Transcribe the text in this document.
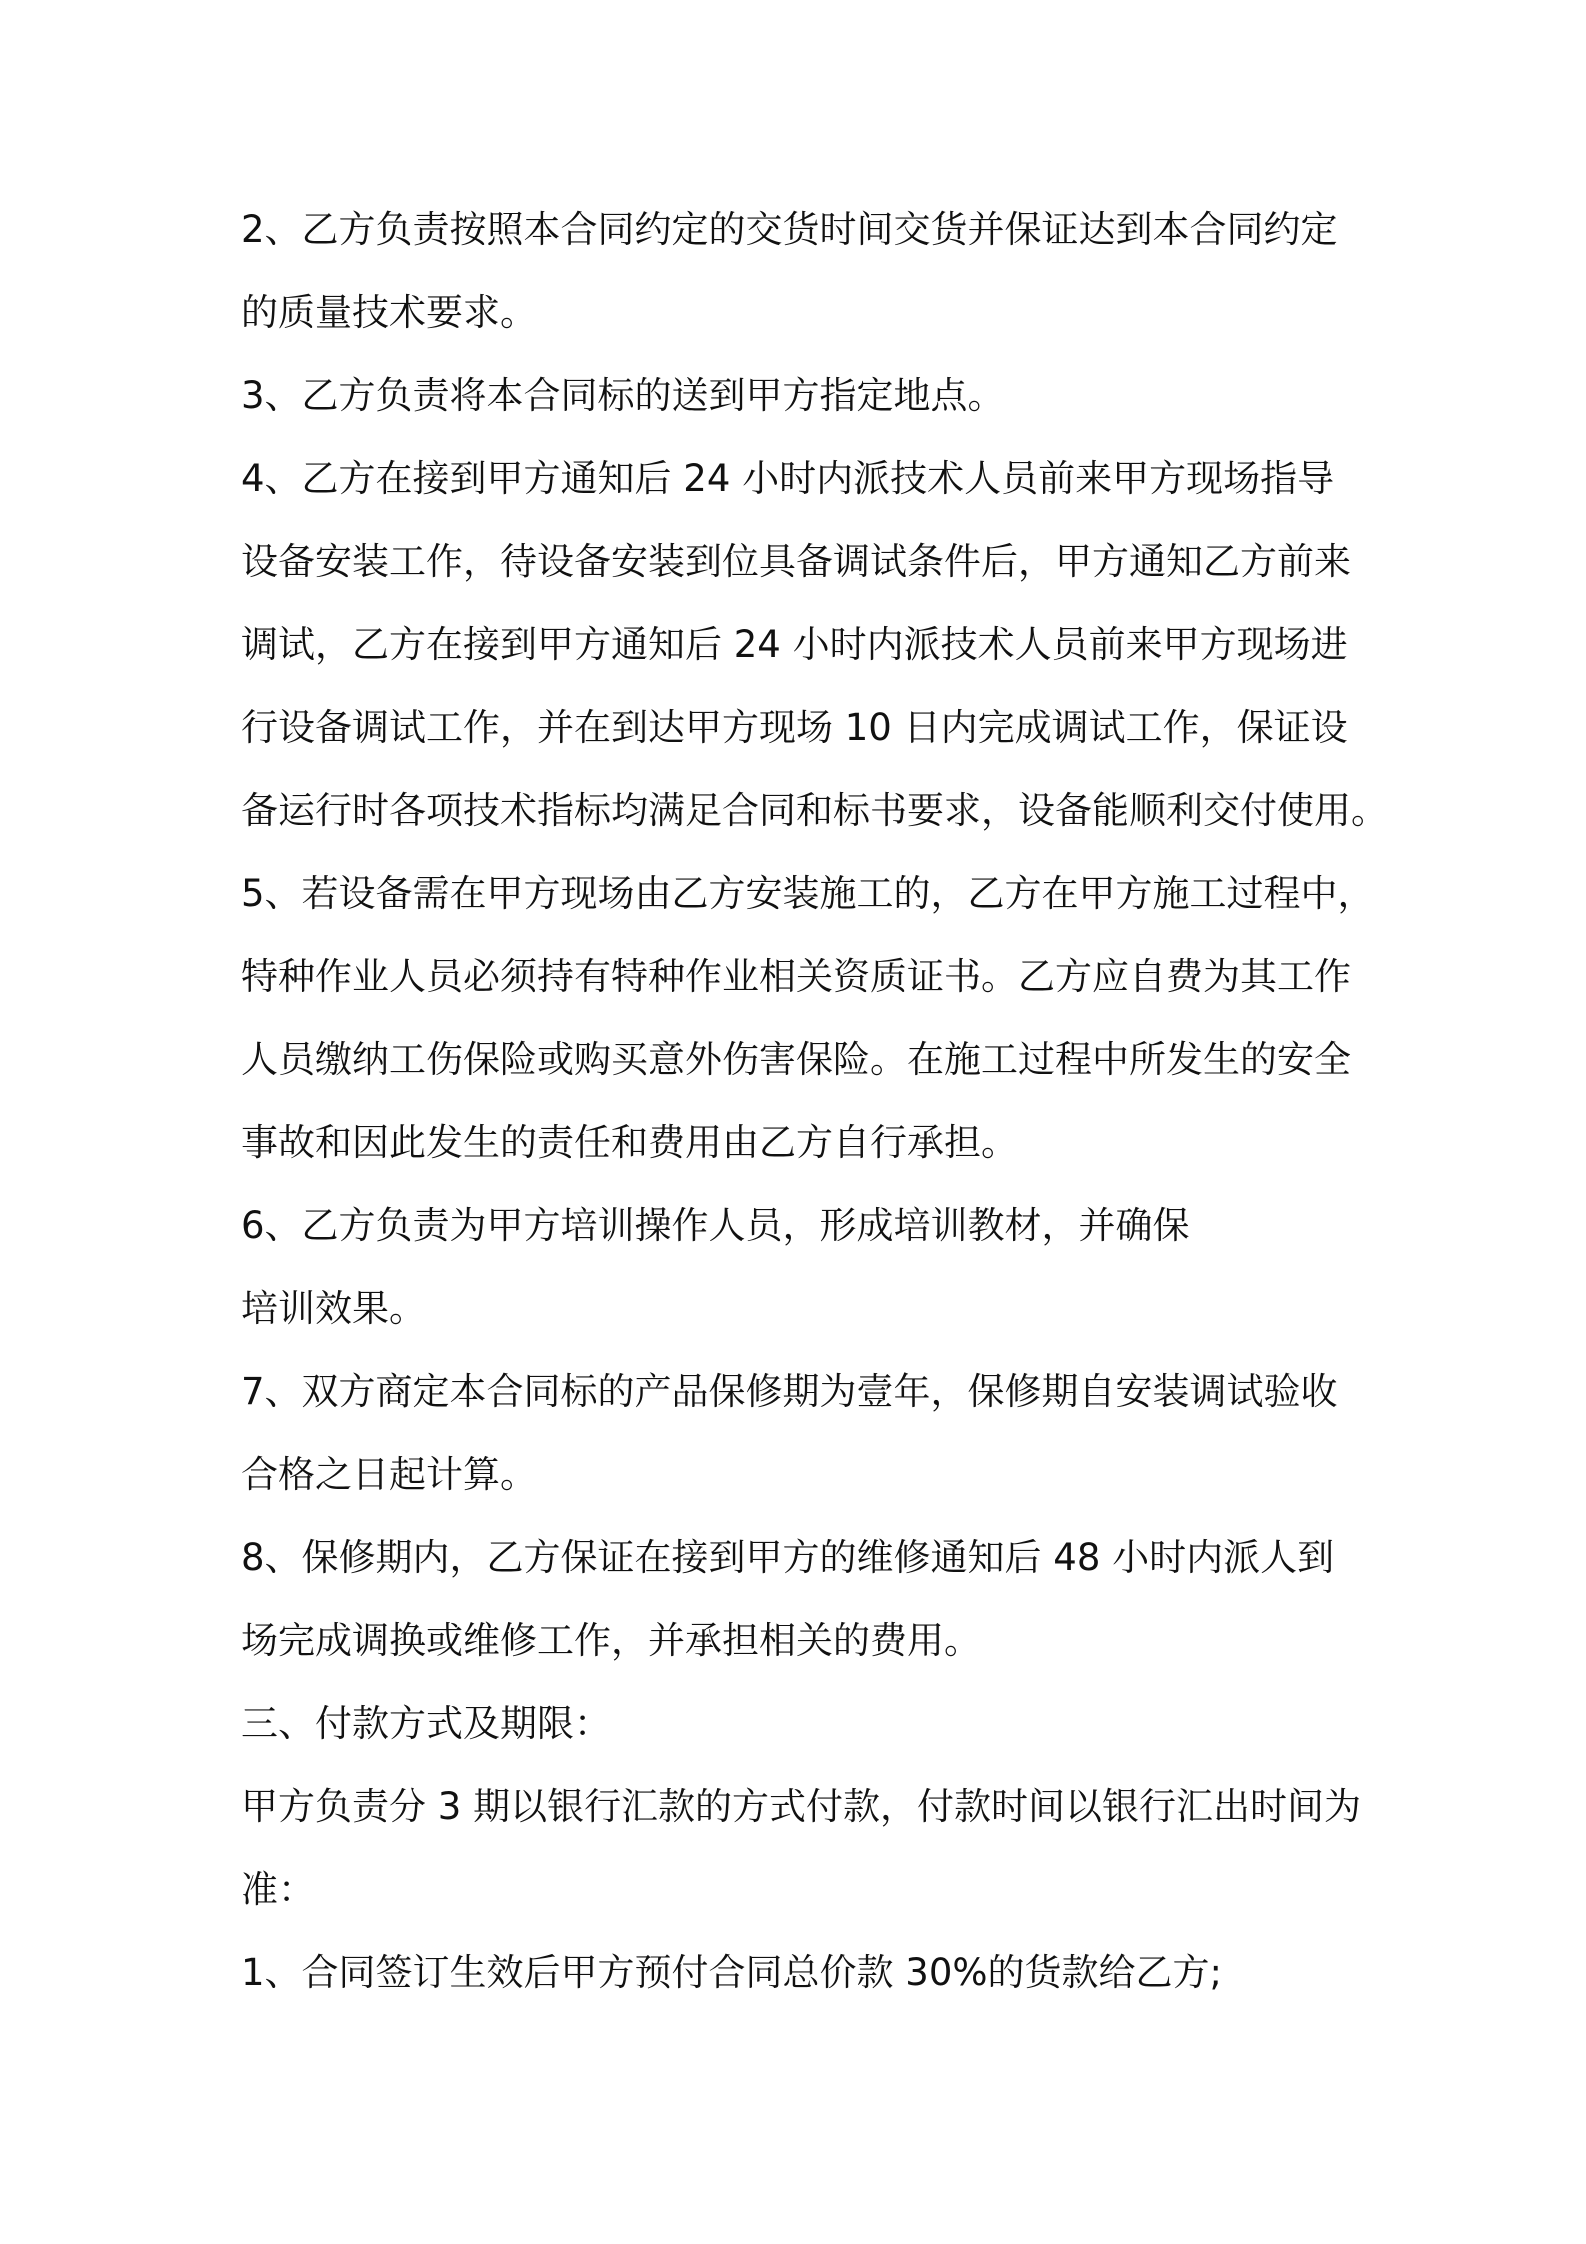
2、乙方负责按照本合同约定的交货时间交货并保证达到本合同约定
的质量技术要求。
3、乙方负责将本合同标的送到甲方指定地点。
4、乙方在接到甲方通知后 24 小时内派技术人员前来甲方现场指导
设备安装工作，待设备安装到位具备调试条件后，甲方通知乙方前来
调试，乙方在接到甲方通知后 24 小时内派技术人员前来甲方现场进
行设备调试工作，并在到达甲方现场 10 日内完成调试工作，保证设
备运行时各项技术指标均满足合同和标书要求，设备能顺利交付使用。
5、若设备需在甲方现场由乙方安装施工的，乙方在甲方施工过程中，
特种作业人员必须持有特种作业相关资质证书。乙方应自费为其工作
人员缴纳工伤保险或购买意外伤害保险。在施工过程中所发生的安全
事故和因此发生的责任和费用由乙方自行承担。
6、乙方负责为甲方培训操作人员，形成培训教材，并确保
培训效果。
7、双方商定本合同标的产品保修期为壹年，保修期自安装调试验收
合格之日起计算。
8、保修期内，乙方保证在接到甲方的维修通知后 48 小时内派人到
场完成调换或维修工作，并承担相关的费用。
三、付款方式及期限：
甲方负责分 3 期以银行汇款的方式付款，付款时间以银行汇出时间为
准：
1、合同签订生效后甲方预付合同总价款 30%的货款给乙方;
